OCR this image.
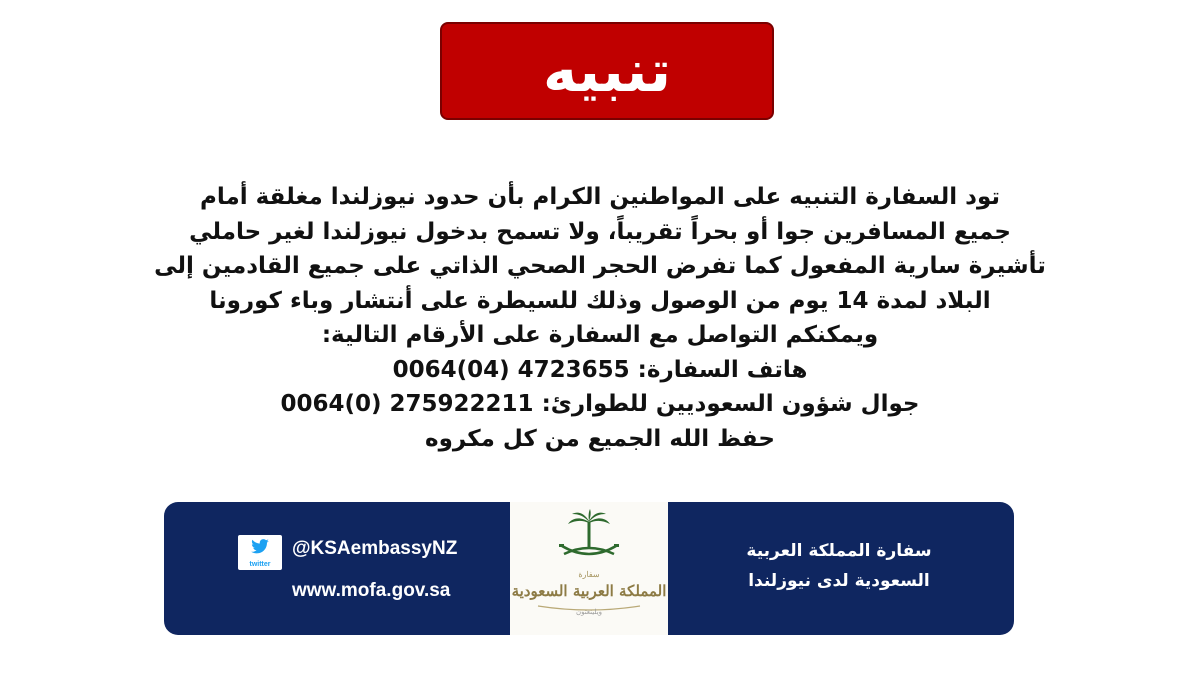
تنبيه
تود السفارة التنبيه على المواطنين الكرام بأن حدود نيوزلندا مغلقة أمام
جميع المسافرين جوا أو بحراً تقريباً، ولا تسمح بدخول نيوزلندا لغير حاملي
تأشيرة سارية المفعول كما تفرض الحجر الصحي الذاتي على جميع القادمين إلى
البلاد لمدة 14 يوم من الوصول وذلك للسيطرة على أنتشار وباء كورونا
ويمكنكم التواصل مع السفارة على الأرقام التالية:
هاتف السفارة: 0064(04) 4723655
جوال شؤون السعوديين للطوارئ: 0064(0) 275922211
حفظ الله الجميع من كل مكروه
twitter
@KSAembassyNZ
www.mofa.gov.sa
سفارة
المملكة العربية السعودية
ويلينغتون
سفارة المملكة العربية
السعودية لدى نيوزلندا
